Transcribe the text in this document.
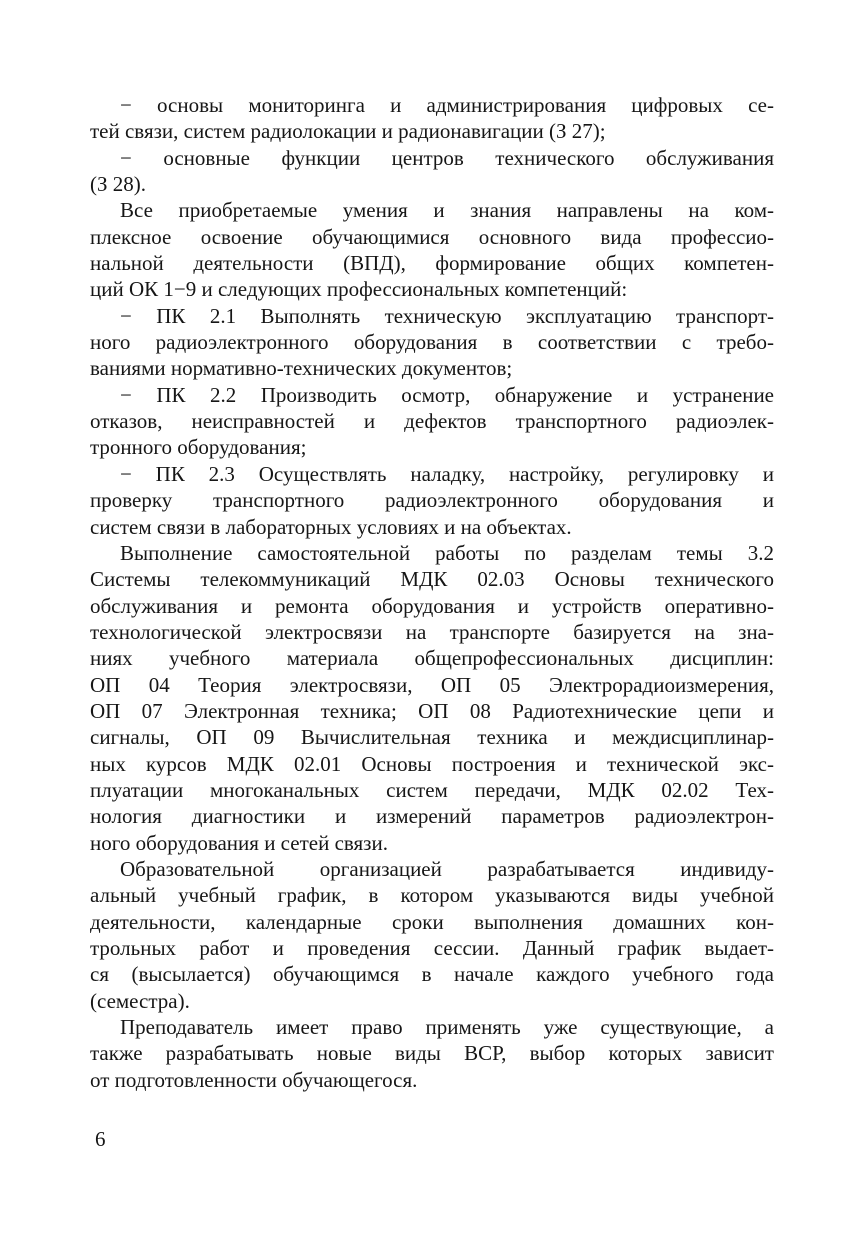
− основы мониторинга и администрирования цифровых се-
тей связи, систем радиолокации и радионавигации (З 27);
− основные функции центров технического обслуживания
(З 28).
Все приобретаемые умения и знания направлены на ком-
плексное освоение обучающимися основного вида профессио-
нальной деятельности (ВПД), формирование общих компетен-
ций ОК 1−9 и следующих профессиональных компетенций:
− ПК 2.1 Выполнять техническую эксплуатацию транспорт-
ного радиоэлектронного оборудования в соответствии с требо-
ваниями нормативно-технических документов;
− ПК 2.2 Производить осмотр, обнаружение и устранение
отказов, неисправностей и дефектов транспортного радиоэлек-
тронного оборудования;
− ПК 2.3 Осуществлять наладку, настройку, регулировку и
проверку транспортного радиоэлектронного оборудования и
систем связи в лабораторных условиях и на объектах.
Выполнение самостоятельной работы по разделам темы 3.2
Системы телекоммуникаций МДК 02.03 Основы технического
обслуживания и ремонта оборудования и устройств оперативно-
технологической электросвязи на транспорте базируется на зна-
ниях учебного материала общепрофессиональных дисциплин:
ОП 04 Теория электросвязи, ОП 05 Электрорадиоизмерения,
ОП 07 Электронная техника; ОП 08 Радиотехнические цепи и
сигналы, ОП 09 Вычислительная техника и междисциплинар-
ных курсов МДК 02.01 Основы построения и технической экс-
плуатации многоканальных систем передачи, МДК 02.02 Тех-
нология диагностики и измерений параметров радиоэлектрон-
ного оборудования и сетей связи.
Образовательной организацией разрабатывается индивиду-
альный учебный график, в котором указываются виды учебной
деятельности, календарные сроки выполнения домашних кон-
трольных работ и проведения сессии. Данный график выдает-
ся (высылается) обучающимся в начале каждого учебного года
(семестра).
Преподаватель имеет право применять уже существующие, а
также разрабатывать новые виды ВСР, выбор которых зависит
от подготовленности обучающегося.
6
